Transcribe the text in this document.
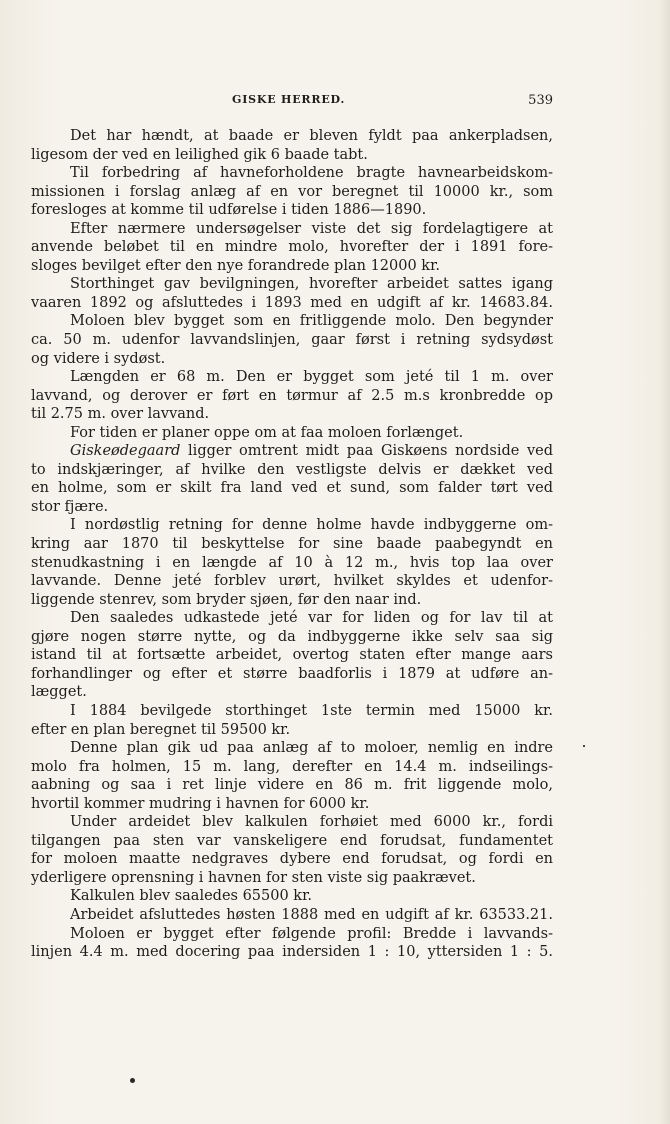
GISKE HERRED.	539
Det har hændt, at baade er bleven fyldt paa ankerpladsen,
ligesom der ved en leilighed gik 6 baade tabt.
Til forbedring af havneforholdene bragte havnearbeidskom-
missionen i forslag anlæg af en vor beregnet til 10000 kr., som
foresloges at komme til udførelse i tiden 1886—1890.
Efter nærmere undersøgelser viste det sig fordelagtigere at
anvende beløbet til en mindre molo, hvorefter der i 1891 fore-
sloges bevilget efter den nye forandrede plan 12000 kr.
Storthinget gav bevilgningen, hvorefter arbeidet sattes igang
vaaren 1892 og afsluttedes i 1893 med en udgift af kr. 14683.84.
Moloen blev bygget som en fritliggende molo. Den begynder
ca. 50 m. udenfor lavvandslinjen, gaar først i retning sydsydøst
og videre i sydøst.
Længden er 68 m. Den er bygget som jeté til 1 m. over
lavvand, og derover er ført en tørmur af 2.5 m.s kronbredde op
til 2.75 m. over lavvand.
For tiden er planer oppe om at faa moloen forlænget.
Giskeødegaard ligger omtrent midt paa Giskøens nordside ved
to indskjæringer, af hvilke den vestligste delvis er dækket ved
en holme, som er skilt fra land ved et sund, som falder tørt ved
stor fjære.
I nordøstlig retning for denne holme havde indbyggerne om-
kring aar 1870 til beskyttelse for sine baade paabegyndt en
stenudkastning i en længde af 10 à 12 m., hvis top laa over
lavvande. Denne jeté forblev urørt, hvilket skyldes et udenfor-
liggende stenrev, som bryder sjøen, før den naar ind.
Den saaledes udkastede jeté var for liden og for lav til at
gjøre nogen større nytte, og da indbyggerne ikke selv saa sig
istand til at fortsætte arbeidet, overtog staten efter mange aars
forhandlinger og efter et større baadforlis i 1879 at udføre an-
lægget.
I 1884 bevilgede storthinget 1ste termin med 15000 kr.
efter en plan beregnet til 59500 kr.
Denne plan gik ud paa anlæg af to moloer, nemlig en indre
molo fra holmen, 15 m. lang, derefter en 14.4 m. indseilings-
aabning og saa i ret linje videre en 86 m. frit liggende molo,
hvortil kommer mudring i havnen for 6000 kr.
Under ardeidet blev kalkulen forhøiet med 6000 kr., fordi
tilgangen paa sten var vanskeligere end forudsat, fundamentet
for moloen maatte nedgraves dybere end forudsat, og fordi en
yderligere oprensning i havnen for sten viste sig paakrævet.
Kalkulen blev saaledes 65500 kr.
Arbeidet afsluttedes høsten 1888 med en udgift af kr. 63533.21.
Moloen er bygget efter følgende profil: Bredde i lavvands-
linjen 4.4 m. med docering paa indersiden 1 : 10, yttersiden 1 : 5.
